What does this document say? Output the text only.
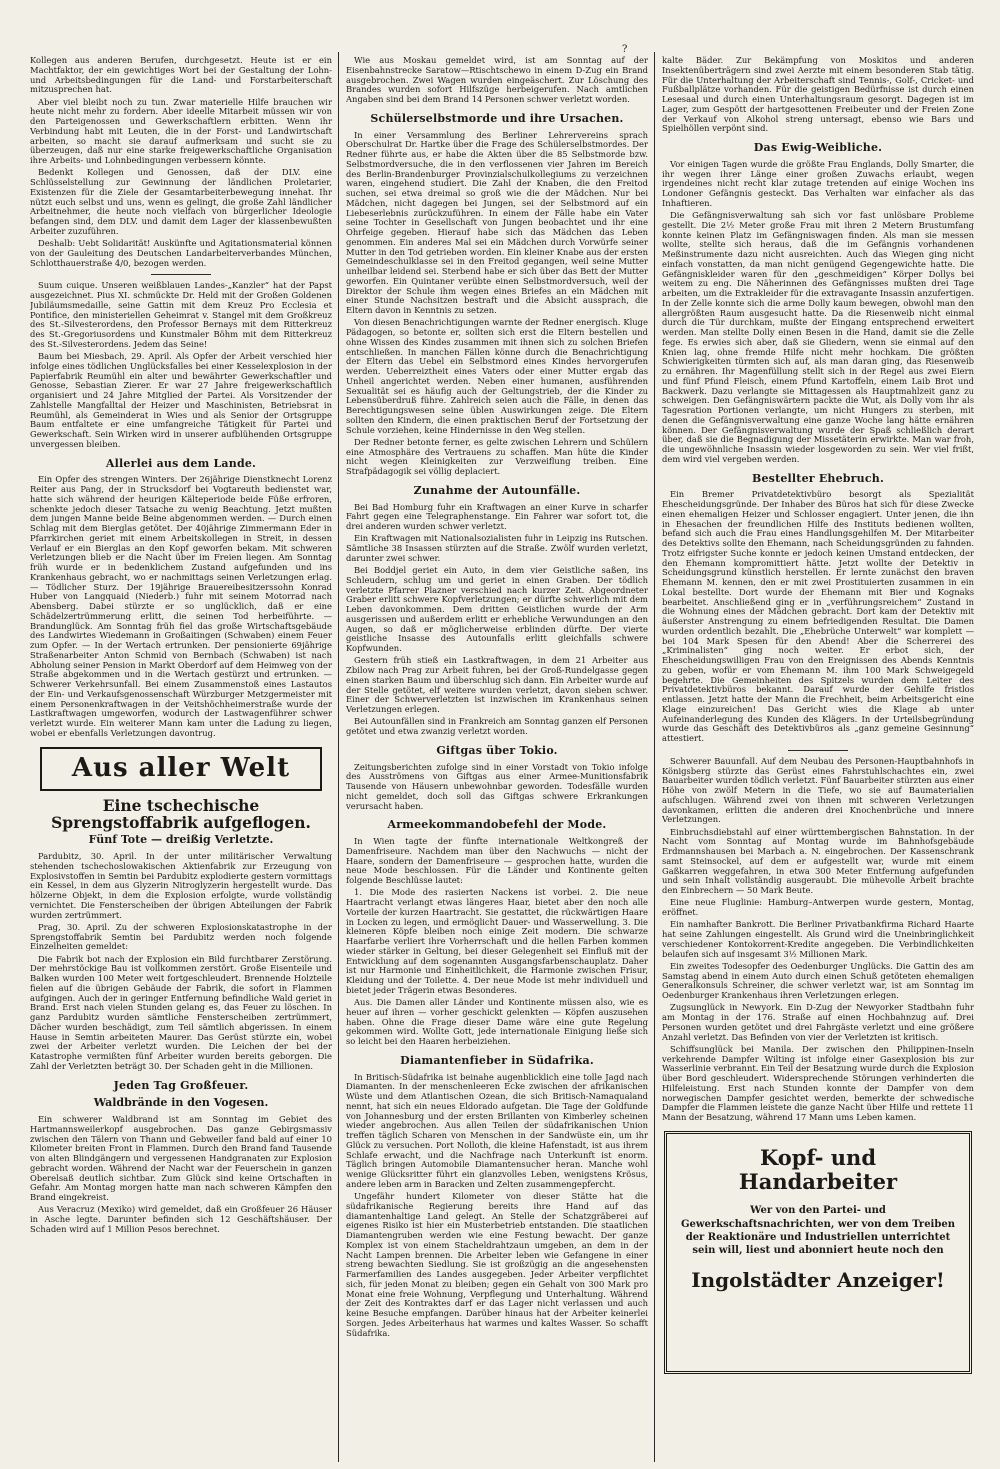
Kollegen aus anderen Berufen, durchgesetzt. Heute ist er ein Machtfaktor, der ein gewichtiges Wort bei der Gestaltung der Lohn- und Arbeitsbedingungen für die Land- und Forstarbeiterschaft mitzusprechen hat.

Aber viel bleibt noch zu tun. Zwar materielle Hilfe brauchen wir heute nicht mehr zu fordern. Aber ideelle Mitarbeit müssen wir von den Parteigenossen und Gewerkschaftlern erbitten. Wenn ihr Verbindung habt mit Leuten, die in der Forst- und Landwirtschaft arbeiten, so macht sie darauf aufmerksam und sucht sie zu überzeugen, daß nur eine starke freigewerkschaftliche Organisation ihre Arbeits- und Lohnbedingungen verbessern könnte.

Bedenkt Kollegen und Genossen, daß der DLV. eine Schlüsselstellung zur Gewinnung der ländlichen Proletarier, Existenzen für die Ziele der Gesamtarbeiterbewegung innehat. Ihr nützt euch selbst und uns, wenn es gelingt, die große Zahl ländlicher Arbeitnehmer, die heute noch vielfach von bürgerlicher Ideologie befangen sind, dem DLV. und damit dem Lager der klassenbewußten Arbeiter zuzuführen.

Deshalb: Uebt Solidarität! Auskünfte und Agitationsmaterial können von der Gauleitung des Deutschen Landarbeiterverbandes München, Schlotthauerstraße 4/0, bezogen werden.

Suum cuique. Unseren weißblauen Landes-„Kanzler“ hat der Papst ausgezeichnet. Pius XI. schmückte Dr. Held mit der Großen Goldenen Jubiläumsmedaille, seine Gattin mit dem Kreuz Pro Ecclesia et Pontifice, den ministeriellen Geheimrat v. Stangel mit dem Großkreuz des St.-Silvesterordens, den Professor Bernays mit dem Ritterkreuz des St.-Gregoriusordens und Kunstmaler Böhm mit dem Ritterkreuz des St.-Silvesterordens. Jedem das Seine!

Baum bei Miesbach, 29. April. Als Opfer der Arbeit verschied hier infolge eines tödlichen Unglücksfalles bei einer Kesselexplosion in der Papierfabrik Reumühl ein alter und bewährter Gewerkschaftler und Genosse, Sebastian Zierer. Er war 27 Jahre freigewerkschaftlich organisiert und 24 Jahre Mitglied der Partei. Als Vorsitzender der Zahlstelle Mangfalltal der Heizer und Maschinisten, Betriebsrat in Reumühl, als Gemeinderat in Wies und als Senior der Ortsgruppe Baum entfaltete er eine umfangreiche Tätigkeit für Partei und Gewerkschaft. Sein Wirken wird in unserer aufblühenden Ortsgruppe unvergessen bleiben.

Allerlei aus dem Lande.

Ein Opfer des strengen Winters. Der 26jährige Dienstknecht Lorenz Reiter aus Pang, der in Strucksdorf bei Vogtareuth bedienstet war, hatte sich während der heurigen Kälteperiode beide Füße erfroren, schenkte jedoch dieser Tatsache zu wenig Beachtung. Jetzt mußten dem jungen Manne beide Beine abgenommen werden. — Durch einen Schlag mit dem Bierglas getötet. Der 40jährige Zimmermann Eder in Pfarrkirchen geriet mit einem Arbeitskollegen in Streit, in dessen Verlauf er ein Bierglas an den Kopf geworfen bekam. Mit schweren Verletzungen blieb er die Nacht über im Freien liegen. Am Sonntag früh wurde er in bedenklichem Zustand aufgefunden und ins Krankenhaus gebracht, wo er nachmittags seinen Verletzungen erlag. — Tödlicher Sturz. Der 19jährige Brauereibesitzerssohn Konrad Huber von Langquaid (Niederb.) fuhr mit seinem Motorrad nach Abensberg. Dabei stürzte er so unglücklich, daß er eine Schädelzertrümmerung erlitt, die seinen Tod herbeiführte. — Brandunglück. Am Sonntag früh fiel das große Wirtschaftsgebäude des Landwirtes Wiedemann in Großaitingen (Schwaben) einem Feuer zum Opfer. — In der Wertach ertrunken. Der pensionierte 69jährige Straßenarbeiter Anton Schmid von Bernbach (Schwaben) ist nach Abholung seiner Pension in Markt Oberdorf auf dem Heimweg von der Straße abgekommen und in die Wertach gestürzt und ertrunken. — Schwerer Verkehrsunfall. Bei einem Zusammenstoß eines Lastautos der Ein- und Verkaufsgenossenschaft Würzburger Metzgermeister mit einem Personenkraftwagen in der Veitshöchheimerstraße wurde der Lastkraftwagen umgeworfen, wodurch der Lastwagenführer schwer verletzt wurde. Ein weiterer Mann kam unter die Ladung zu liegen, wobei er ebenfalls Verletzungen davontrug.

Aus aller Welt
Eine tschechische Sprengstoffabrik aufgeflogen.
Fünf Tote — dreißig Verletzte.

Pardubitz, 30. April. In der unter militärischer Verwaltung stehenden tschechoslowakischen Aktienfabrik zur Erzeugung von Explosivstoffen in Semtin bei Pardubitz explodierte gestern vormittags ein Kessel, in dem aus Glyzerin Nitroglyzerin hergestellt wurde. Das hölzerne Objekt, in dem die Explosion erfolgte, wurde vollständig vernichtet. Die Fensterscheiben der übrigen Abteilungen der Fabrik wurden zertrümmert.

Prag, 30. April. Zu der schweren Explosionskatastrophe in der Sprengstoffabrik Semtin bei Pardubitz werden noch folgende Einzelheiten gemeldet:

Die Fabrik bot nach der Explosion ein Bild furchtbarer Zerstörung. Der mehrstöckige Bau ist vollkommen zerstört. Große Eisenteile und Balken wurden 100 Meter weit fortgeschleudert. Brennende Holzteile fielen auf die übrigen Gebäude der Fabrik, die sofort in Flammen aufgingen. Auch der in geringer Entfernung befindliche Wald geriet in Brand. Erst nach vielen Stunden gelang es, das Feuer zu löschen. In ganz Pardubitz wurden sämtliche Fensterscheiben zertrümmert, Dächer wurden beschädigt, zum Teil sämtlich abgerissen. In einem Hause in Semtin arbeiteten Maurer. Das Gerüst stürzte ein, wobei zwei der Arbeiter verletzt wurden. Die Leichen der bei der Katastrophe vermißten fünf Arbeiter wurden bereits geborgen. Die Zahl der Verletzten beträgt 30. Der Schaden geht in die Millionen.

Jeden Tag Großfeuer.
Waldbrände in den Vogesen.

Ein schwerer Waldbrand ist am Sonntag im Gebiet des Hartmannsweilerkopf ausgebrochen. Das ganze Gebirgsmassiv zwischen den Tälern von Thann und Gebweiler fand bald auf einer 10 Kilometer breiten Front in Flammen. Durch den Brand fand Tausende von alten Blindgängern und vergessenen Handgranaten zur Explosion gebracht worden. Während der Nacht war der Feuerschein in ganzen Oberelsaß deutlich sichtbar. Zum Glück sind keine Ortschaften in Gefahr. Am Montag morgen hatte man nach schweren Kämpfen den Brand eingekreist.

Aus Veracruz (Mexiko) wird gemeldet, daß ein Großfeuer 26 Häuser in Asche legte. Darunter befinden sich 12 Geschäftshäuser. Der Schaden wird auf 1 Million Pesos berechnet.

Wie aus Moskau gemeldet wird, ist am Sonntag auf der Eisenbahnstrecke Saratow—Rtischtschewo in einem D-Zug ein Brand ausgebrochen. Zwei Wagen wurden eingeäschert. Zur Löschung des Brandes wurden sofort Hilfszüge herbeigerufen. Nach amtlichen Angaben sind bei dem Brand 14 Personen schwer verletzt worden.

Schülerselbstmorde und ihre Ursachen.

In einer Versammlung des Berliner Lehrervereins sprach Oberschulrat Dr. Hartke über die Frage des Schülerselbstmordes. Der Redner führte aus, er habe die Akten über die 85 Selbstmorde bzw. Selbstmordversuche, die in den verflossenen vier Jahren im Bereich des Berlin-Brandenburger Provinzialschulkollegiums zu verzeichnen waren, eingehend studiert. Die Zahl der Knaben, die den Freitod suchen, sei etwa dreimal so groß wie die der Mädchen. Nur bei Mädchen, nicht dagegen bei Jungen, sei der Selbstmord auf ein Liebeserlebnis zurückzuführen. In einem der Fälle habe ein Vater seine Tochter in Gesellschaft von Jungen beobachtet und ihr eine Ohrfeige gegeben. Hierauf habe sich das Mädchen das Leben genommen. Ein anderes Mal sei ein Mädchen durch Vorwürfe seiner Mutter in den Tod getrieben worden. Ein kleiner Knabe aus der ersten Gemeindeschulklasse sei in den Freitod gegangen, weil seine Mutter unheilbar leidend sei. Sterbend habe er sich über das Bett der Mutter geworfen. Ein Quintaner verübte einen Selbstmordversuch, weil der Direktor der Schule ihm wegen eines Briefes an ein Mädchen mit einer Stunde Nachsitzen bestraft und die Absicht aussprach, die Eltern davon in Kenntnis zu setzen.

Von diesen Benachrichtigungen warnte der Redner energisch. Kluge Pädagogen, so betonte er, sollten sich erst die Eltern bestellen und ohne Wissen des Kindes zusammen mit ihnen sich zu solchen Briefen entschließen. In manchen Fällen könne durch die Benachrichtigung der Eltern das Uebel ein Selbstmord eines Kindes hervorgerufen werden. Ueberreiztheit eines Vaters oder einer Mutter ergab das Unheil angerichtet werden. Neben einer humanen, ausführenden Sexualität sei es häufig auch der Geltungstrieb, der die Kinder zu Lebensüberdruß führe. Zahlreich seien auch die Fälle, in denen das Berechtigungswesen seine üblen Auswirkungen zeige. Die Eltern sollten den Kindern, die einen praktischen Beruf der Fortsetzung der Schule vorziehen, keine Hindernisse in den Weg stellen.

Der Redner betonte ferner, es gelte zwischen Lehrern und Schülern eine Atmosphäre des Vertrauens zu schaffen. Man hüte die Kinder nicht wegen Kleinigkeiten zur Verzweiflung treiben. Eine Strafpädagogik sei völlig deplaciert.

Zunahme der Autounfälle.

Bei Bad Homburg fuhr ein Kraftwagen an einer Kurve in scharfer Fahrt gegen eine Telegraphenstange. Ein Fahrer war sofort tot, die drei anderen wurden schwer verletzt.

Ein Kraftwagen mit Nationalsozialisten fuhr in Leipzig ins Rutschen. Sämtliche 38 Insassen stürzten auf die Straße. Zwölf wurden verletzt, darunter zwei schwer.

Bei Boddjel geriet ein Auto, in dem vier Geistliche saßen, ins Schleudern, schlug um und geriet in einen Graben. Der tödlich verletzte Pfarrer Plazner verschied nach kurzer Zeit. Abgeordneter Graber erlitt schwere Kopfverletzungen; er dürfte schwerlich mit dem Leben davonkommen. Dem dritten Geistlichen wurde der Arm ausgerissen und außerdem erlitt er erhebliche Verwundungen an den Augen, so daß er möglicherweise erblinden dürfte. Der vierte geistliche Insasse des Autounfalls erlitt gleichfalls schwere Kopfwunden.

Gestern früh stieß ein Lastkraftwagen, in dem 21 Arbeiter aus Zbilow nach Prag zur Arbeit fuhren, bei der Groß-Rundelgasse gegen einen starken Baum und überschlug sich dann. Ein Arbeiter wurde auf der Stelle getötet, elf weitere wurden verletzt, davon sieben schwer. Einer der Schwerverletzten ist inzwischen im Krankenhaus seinen Verletzungen erlegen.

Bei Autounfällen sind in Frankreich am Sonntag ganzen elf Personen getötet und etwa zwanzig verletzt worden.

Giftgas über Tokio.

Zeitungsberichten zufolge sind in einer Vorstadt von Tokio infolge des Ausströmens von Giftgas aus einer Armee-Munitionsfabrik Tausende von Häusern unbewohnbar geworden. Todesfälle wurden nicht gemeldet, doch soll das Giftgas schwere Erkrankungen verursacht haben.

Armeekommandobefehl der Mode.

In Wien tagte der fünfte internationale Weltkongreß der Damenfriseure. Nachdem man über den Nachwuchs — nicht der Haare, sondern der Damenfriseure — gesprochen hatte, wurden die neue Mode beschlossen. Für die Länder und Kontinente gelten folgende Beschlüsse lautet:

1. Die Mode des rasierten Nackens ist vorbei. 2. Die neue Haartracht verlangt etwas längeres Haar, bietet aber den noch alle Vorteile der kurzen Haartracht. Sie gestattet, die rückwärtigen Haare in Locken zu legen, und ermöglicht Dauer- und Wasserwellung. 3. Die kleineren Köpfe bleiben noch einige Zeit modern. Die schwarze Haarfarbe verliert ihre Vorherrschaft und die hellen Farben kommen wieder stärker in Geltung, bei dieser Gelegenheit sei Einfluß mit der Entwicklung auf dem sogenannten Ausgangsfarbenschauplatz. Daher ist nur Harmonie und Einheitlichkeit, die Harmonie zwischen Frisur, Kleidung und der Toilette. 4. Der neue Mode ist mehr individuell und bietet jeder Trägerin etwas Besonderes.

Aus. Die Damen aller Länder und Kontinente müssen also, wie es heuer auf ihren — vorher geschickt gelenkten — Köpfen auszusehen haben. Ohne die Frage dieser Dame wäre eine gute Regelung gekommen wird. Wollte Gott, jede internationale Einigung ließe sich so leicht bei den Haaren herbeiziehen.

Diamantenfieber in Südafrika.

In Britisch-Südafrika ist beinahe augenblicklich eine tolle Jagd nach Diamanten. In der menschenleeren Ecke zwischen der afrikanischen Wüste und dem Atlantischen Ozean, die sich Britisch-Namaqualand nennt, hat sich ein neues Eldorado aufgetan. Die Tage der Goldfunde von Johannesburg und der ersten Brillanten von Kimberley scheinen wieder angebrochen. Aus allen Teilen der südafrikanischen Union treffen täglich Scharen von Menschen in der Sandwüste ein, um ihr Glück zu versuchen. Port Nolloth, die kleine Hafenstadt, ist aus ihrem Schlafe erwacht, und die Nachfrage nach Unterkunft ist enorm. Täglich bringen Automobile Diamantensucher heran. Manche wohl wenige Glücksritter führt ein glanzvolles Leben, wenigstens Krösus, andere leben arm in Baracken und Zelten zusammengepfercht.

Ungefähr hundert Kilometer von dieser Stätte hat die südafrikanische Regierung bereits ihre Hand auf das diamantenhaltige Land gelegt. An Stelle der Schatzgräberei auf eigenes Risiko ist hier ein Musterbetrieb entstanden. Die staatlichen Diamantengruben werden wie eine Festung bewacht. Der ganze Komplex ist von einem Stacheldrahtzaun umgeben, an dem in der Nacht Lampen brennen. Die Arbeiter leben wie Gefangene in einer streng bewachten Siedlung. Sie ist großzügig an die angesehensten Farmerfamilien des Landes ausgegeben. Jeder Arbeiter verpflichtet sich, für jeden Monat zu bleiben; gegen ein Gehalt von 300 Mark pro Monat eine freie Wohnung, Verpflegung und Unterhaltung. Während der Zeit des Kontraktes darf er das Lager nicht verlassen und auch keine Besuche empfangen. Darüber hinaus hat der Arbeiter keinerlei Sorgen. Jedes Arbeiterhaus hat warmes und kaltes Wasser. So schafft Südafrika.

kalte Bäder. Zur Bekämpfung von Moskitos und anderen Insektenüberträgern sind zwei Aerzte mit einem besonderen Stab tätig. Für die Unterhaltung der Arbeiterschaft sind Tennis-, Golf-, Cricket- und Fußballplätze vorhanden. Für die geistigen Bedürfnisse ist durch einen Lesesaal und durch einen Unterhaltungsraum gesorgt. Dagegen ist im Lager, zum Gespött der hartgesottenen Freibeuter und der Freien Zone der Verkauf von Alkohol streng untersagt, ebenso wie Bars und Spielhöllen verpönt sind.

Das Ewig-Weibliche.

Vor einigen Tagen wurde die größte Frau Englands, Dolly Smarter, die ihr wegen ihrer Länge einer großen Zuwachs erlaubt, wegen irgendeines nicht recht klar zutage tretenden auf einige Wochen ins Londoner Gefängnis gesteckt. Das Verhalten war einfacher als das Inhaftieren.

Die Gefängnisverwaltung sah sich vor fast unlösbare Probleme gestellt. Die 2½ Meter große Frau mit ihren 2 Metern Brustumfang konnte keinen Platz im Gefängniswagen finden. Als man sie messen wollte, stellte sich heraus, daß die im Gefängnis vorhandenen Meßinstrumente dazu nicht ausreichten. Auch das Wiegen ging nicht einfach vonstatten, da man nicht genügend Gegengewichte hatte. Die Gefängniskleider waren für den „geschmeidigen“ Körper Dollys bei weitem zu eng. Die Näherinnen des Gefängnisses mußten drei Tage arbeiten, um die Extrakleider für die extravagante Insassin anzufertigen. In der Zelle konnte sich die arme Dolly kaum bewegen, obwohl man den allergrößten Raum ausgesucht hatte. Da die Riesenweib nicht einmal durch die Tür durchkam, mußte der Eingang entsprechend erweitert werden. Man stellte Dolly einen Besen in die Hand, damit sie die Zelle fege. Es erwies sich aber, daß sie Gliedern, wenn sie einmal auf den Knien lag, ohne fremde Hilfe nicht mehr hochkam. Die größten Schwierigkeiten türmten sich auf, als man daran ging, das Riesenweib zu ernähren. Ihr Magenfüllung stellt sich in der Regel aus zwei Eiern und fünf Pfund Fleisch, einem Pfund Kartoffeln, einem Laib Brot und Backwerk. Dazu verlangte sie Mittagessen als Hauptmahlzeit ganz zu schweigen. Den Gefängniswärtern packte die Wut, als Dolly vom ihr als Tagesration Portionen verlangte, um nicht Hungers zu sterben, mit denen die Gefängnisverwaltung eine ganze Woche lang hätte ernähren können. Der Gefängnisverwaltung wurde der Spaß schließlich derart über, daß sie die Begnadigung der Missetäterin erwirkte. Man war froh, die ungewöhnliche Insassin wieder losgeworden zu sein. Wer viel frißt, dem wird viel vergeben werden.

Bestellter Ehebruch.

Ein Bremer Privatdetektivbüro besorgt als Spezialität Ehescheidungsgründe. Der Inhaber des Büros hat sich für diese Zwecke einen ehemaligen Heizer und Schlosser engagiert. Unter jenen, die ihn in Ehesachen der freundlichen Hilfe des Instituts bedienen wollten, befand sich auch die Frau eines Handlungsgehilfen M. Der Mitarbeiter des Detektivs sollte den Ehemann, nach Scheidungsgründen zu fahnden. Trotz eifrigster Suche konnte er jedoch keinen Umstand entdecken, der den Ehemann kompromittiert hätte. Jetzt wollte der Detektiv in Scheidungsgrund künstlich herstellen. Er lernte zunächst den braven Ehemann M. kennen, den er mit zwei Prostituierten zusammen in ein Lokal bestellte. Dort wurde der Ehemann mit Bier und Kognaks bearbeitet. Anschließend ging er in „verführungsreichem“ Zustand in die Wohnung eines der Mädchen gebracht. Dort kam der Detektiv mit äußerster Anstrengung zu einem befriedigenden Resultat. Die Damen wurden ordentlich bezahlt. Die „Ehebrüche Unterwelt“ war komplett — bei 104 Mark Spesen für den Abend! Aber die Scherrerei des „Kriminalisten“ ging noch weiter. Er erbot sich, der Ehescheidungswilligen Frau von den Ereignissen des Abends Kenntnis zu geben, wofür er vom Ehemann M. ihm 100 Mark Schweigegeld begehrte. Die Gemeinheiten des Spitzels wurden dem Leiter des Privatdetektivbüros bekannt. Darauf wurde der Gehilfe fristlos entlassen. Jetzt hatte der Mann die Frechheit, beim Arbeitsgericht eine Klage einzureichen! Das Gericht wies die Klage ab unter Aufeinanderlegung des Kunden des Klägers. In der Urteilsbegründung wurde das Geschäft des Detektivbüros als „ganz gemeine Gesinnung“ attestiert.

Schwerer Bauunfall. Auf dem Neubau des Personen-Hauptbahnhofs in Königsberg stürzte das Gerüst eines Fahrstuhlschachtes ein, zwei Bauarbeiter wurden tödlich verletzt. Fünf Bauarbeiter stürzten aus einer Höhe von zwölf Metern in die Tiefe, wo sie auf Baumaterialien aufschlugen. Während zwei von ihnen mit schweren Verletzungen davonkamen, erlitten die anderen drei Knochenbrüche und innere Verletzungen.

Einbruchsdiebstahl auf einer württembergischen Bahnstation. In der Nacht vom Sonntag auf Montag wurde im Bahnhofsgebäude Erdmannshausen bei Marbach a. N. eingebrochen. Der Kassenschrank samt Steinsockel, auf dem er aufgestellt war, wurde mit einem Gaßkarren weggefahren, in etwa 300 Meter Entfernung aufgefunden und sein Inhalt vollständig ausgeraubt. Die mühevolle Arbeit brachte den Einbrechern — 50 Mark Beute.

Eine neue Fluglinie: Hamburg–Antwerpen wurde gestern, Montag, eröffnet.

Ein namhafter Bankrott. Die Berliner Privatbankfirma Richard Haarte hat seine Zahlungen eingestellt. Als Grund wird die Uneinbringlichkeit verschiedener Kontokorrent-Kredite angegeben. Die Verbindlichkeiten belaufen sich auf insgesamt 3½ Millionen Mark.

Ein zweites Todesopfer des Oedenburger Unglücks. Die Gattin des am Samstag abend in einem Auto durch einen Schuß getöteten ehemaligen Generalkonsuls Schreiner, die schwer verletzt war, ist am Sonntag im Oedenburger Krankenhaus ihren Verletzungen erlegen.

Zugsunglück in Newyork. Ein D-Zug der Newyorker Stadtbahn fuhr am Montag in der 176. Straße auf einen Hochbahnzug auf. Drei Personen wurden getötet und drei Fahrgäste verletzt und eine größere Anzahl verletzt. Das Befinden von vier der Verletzten ist kritisch.

Schiffsunglück bei Manila. Der zwischen den Philippinen-Inseln verkehrende Dampfer Wilting ist infolge einer Gasexplosion bis zur Wasserlinie verbrannt. Ein Teil der Besatzung wurde durch die Explosion über Bord geschleudert. Widersprechende Störungen verhinderten die Hilfeleistung. Erst nach Stunden konnte der Dampfer von dem norwegischen Dampfer gesichtet werden, bemerkte der schwedische Dampfer die Flammen leistete die ganze Nacht über Hilfe und rettete 11 Mann der Besatzung, während 17 Mann ums Leben kamen.

Kopf- und Handarbeiter
Wer von den Partei- und Gewerkschaftsnachrichten, wer von dem Treiben der Reaktionäre und Industriellen unterrichtet sein will, liest und abonniert heute noch den
Ingolstädter Anzeiger!
?
